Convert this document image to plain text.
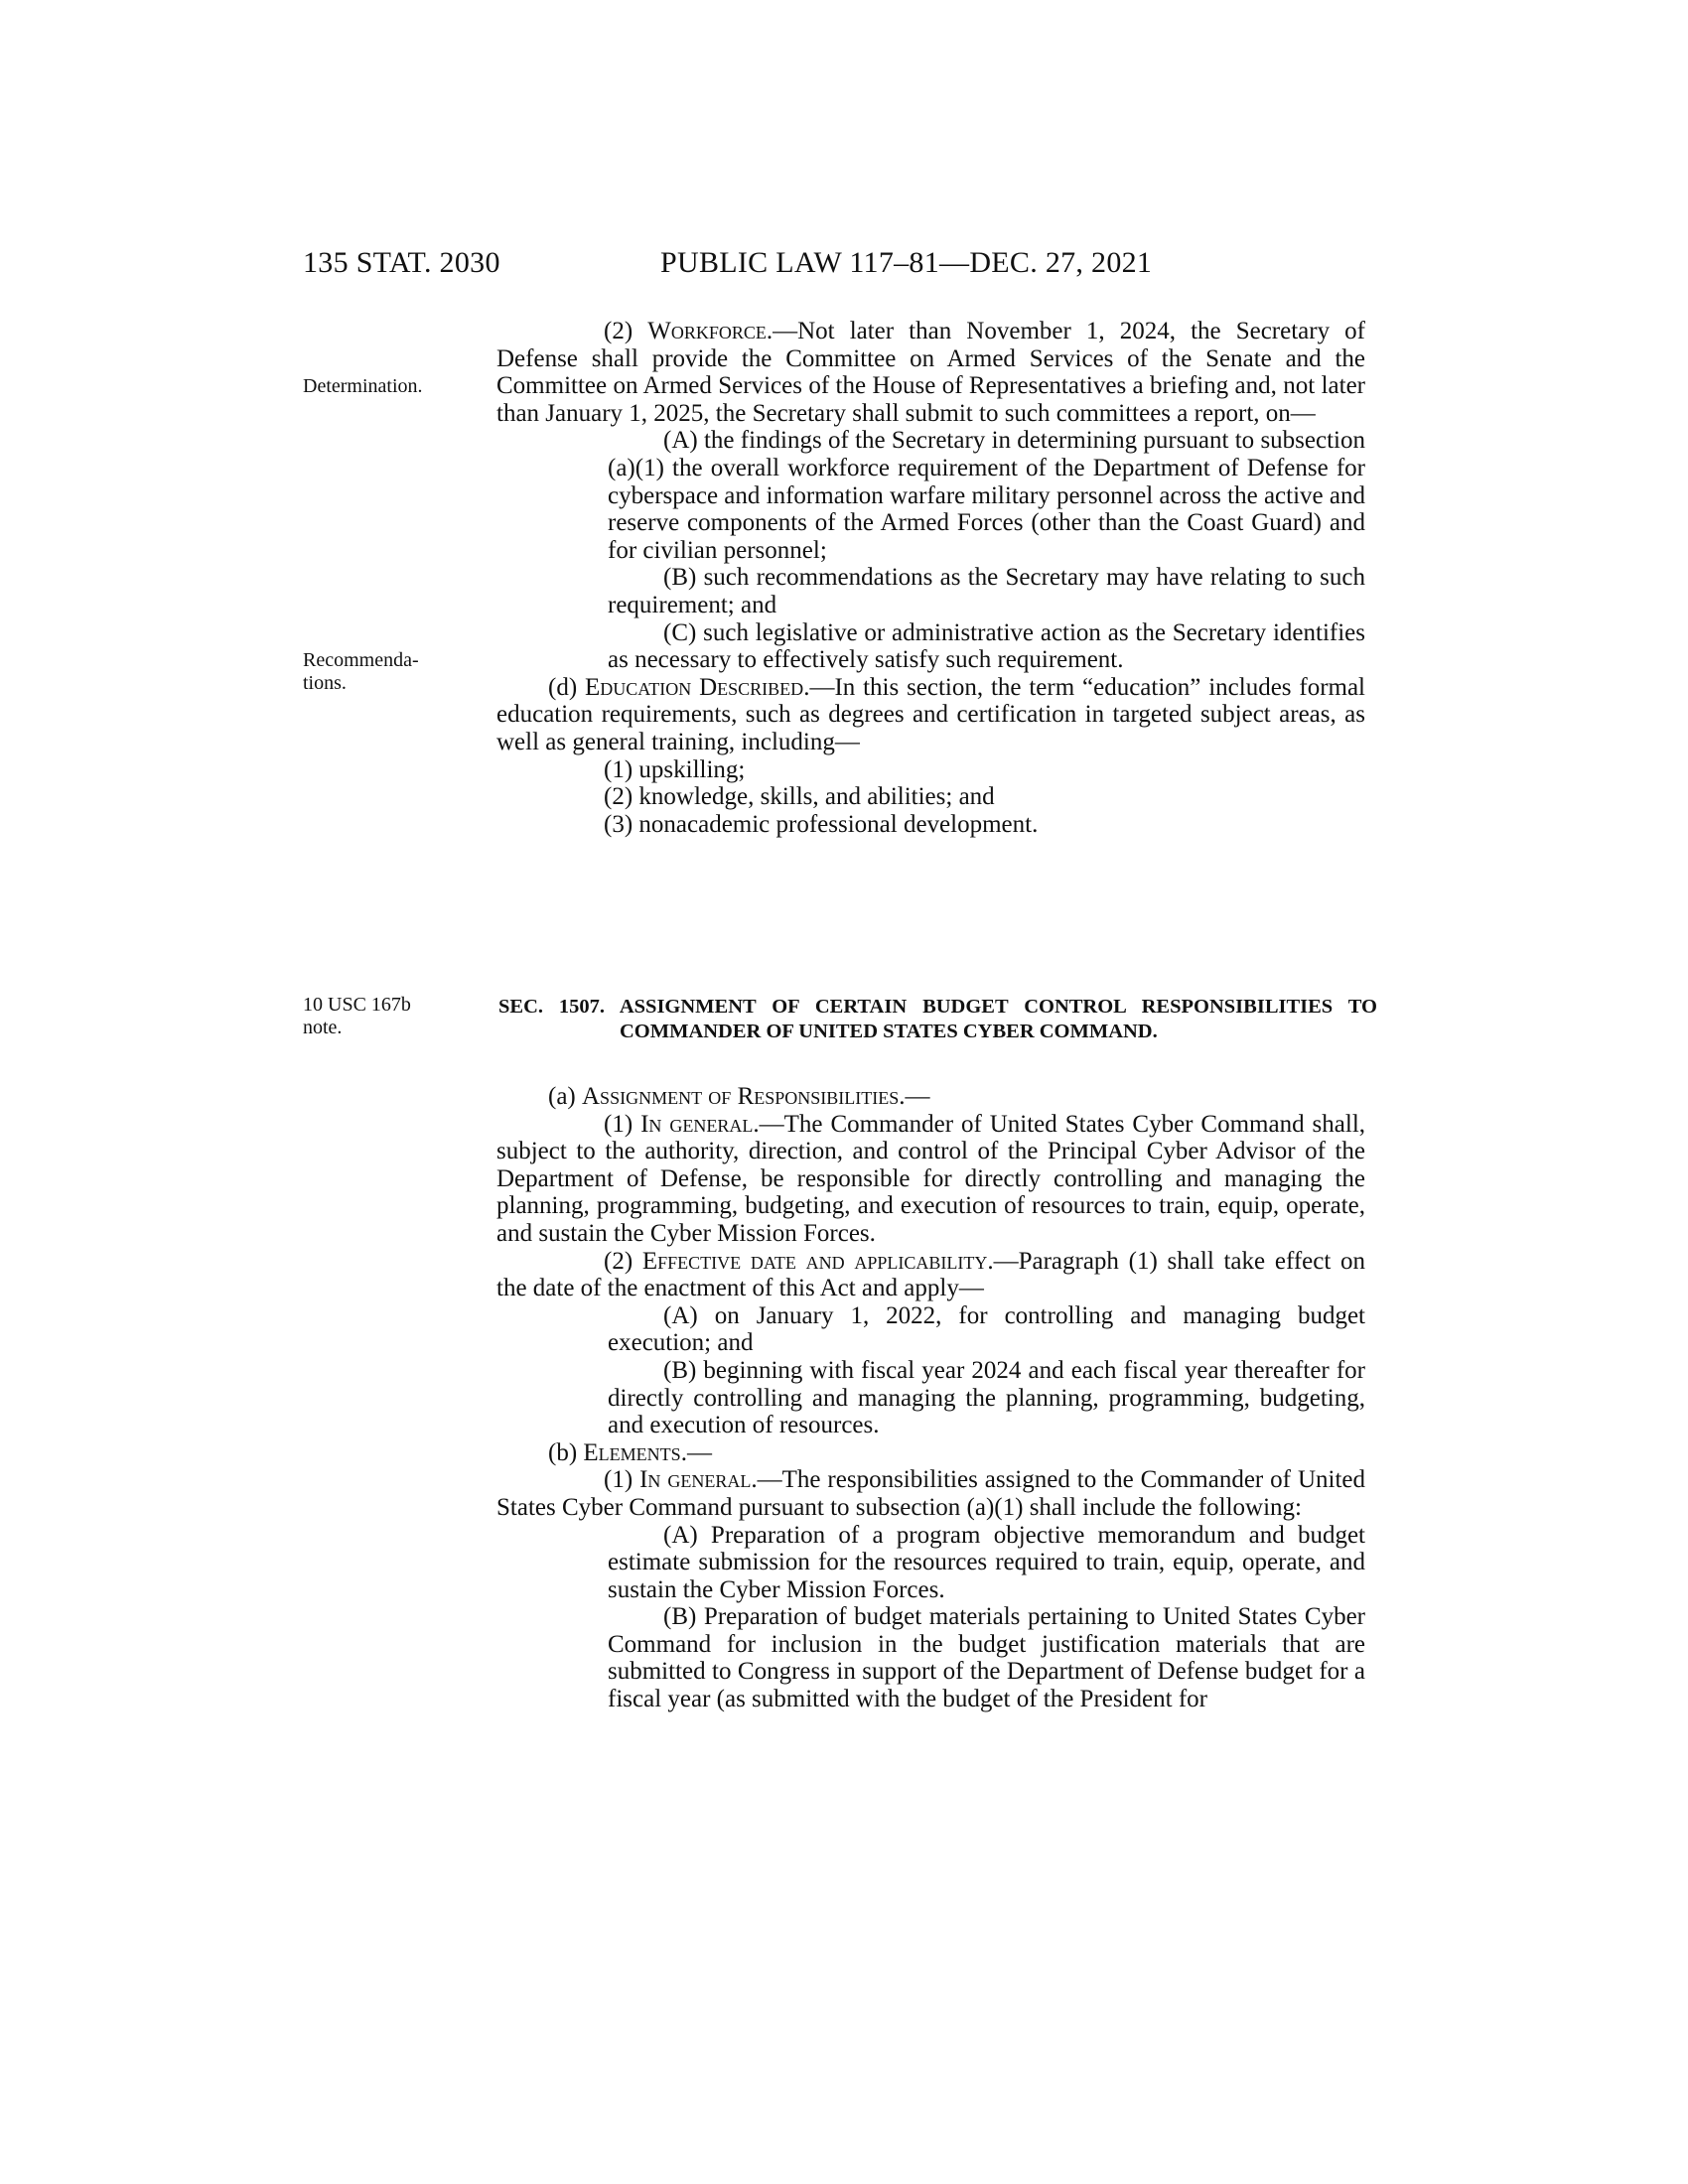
135 STAT. 2030	PUBLIC LAW 117–81—DEC. 27, 2021
Determination.
Recommenda-
tions.
10 USC 167b
note.

(2) Workforce.—Not later than November 1, 2024, the Secretary of Defense shall provide the Committee on Armed Services of the Senate and the Committee on Armed Services of the House of Representatives a briefing and, not later than January 1, 2025, the Secretary shall submit to such committees a report, on—

(A) the findings of the Secretary in determining pursuant to subsection (a)(1) the overall workforce requirement of the Department of Defense for cyberspace and information warfare military personnel across the active and reserve components of the Armed Forces (other than the Coast Guard) and for civilian personnel;

(B) such recommendations as the Secretary may have relating to such requirement; and

(C) such legislative or administrative action as the Secretary identifies as necessary to effectively satisfy such requirement.

(d) Education Described.—In this section, the term “education” includes formal education requirements, such as degrees and certification in targeted subject areas, as well as general training, including—

(1) upskilling;

(2) knowledge, skills, and abilities; and

(3) nonacademic professional development.

SEC. 1507. ASSIGNMENT OF CERTAIN BUDGET CONTROL RESPONSIBILITIES TO COMMANDER OF UNITED STATES CYBER COMMAND.

(a) Assignment of Responsibilities.—

(1) In general.—The Commander of United States Cyber Command shall, subject to the authority, direction, and control of the Principal Cyber Advisor of the Department of Defense, be responsible for directly controlling and managing the planning, programming, budgeting, and execution of resources to train, equip, operate, and sustain the Cyber Mission Forces.

(2) Effective date and applicability.—Paragraph (1) shall take effect on the date of the enactment of this Act and apply—

(A) on January 1, 2022, for controlling and managing budget execution; and

(B) beginning with fiscal year 2024 and each fiscal year thereafter for directly controlling and managing the planning, programming, budgeting, and execution of resources.

(b) Elements.—

(1) In general.—The responsibilities assigned to the Commander of United States Cyber Command pursuant to subsection (a)(1) shall include the following:

(A) Preparation of a program objective memorandum and budget estimate submission for the resources required to train, equip, operate, and sustain the Cyber Mission Forces.

(B) Preparation of budget materials pertaining to United States Cyber Command for inclusion in the budget justification materials that are submitted to Congress in support of the Department of Defense budget for a fiscal year (as submitted with the budget of the President for
